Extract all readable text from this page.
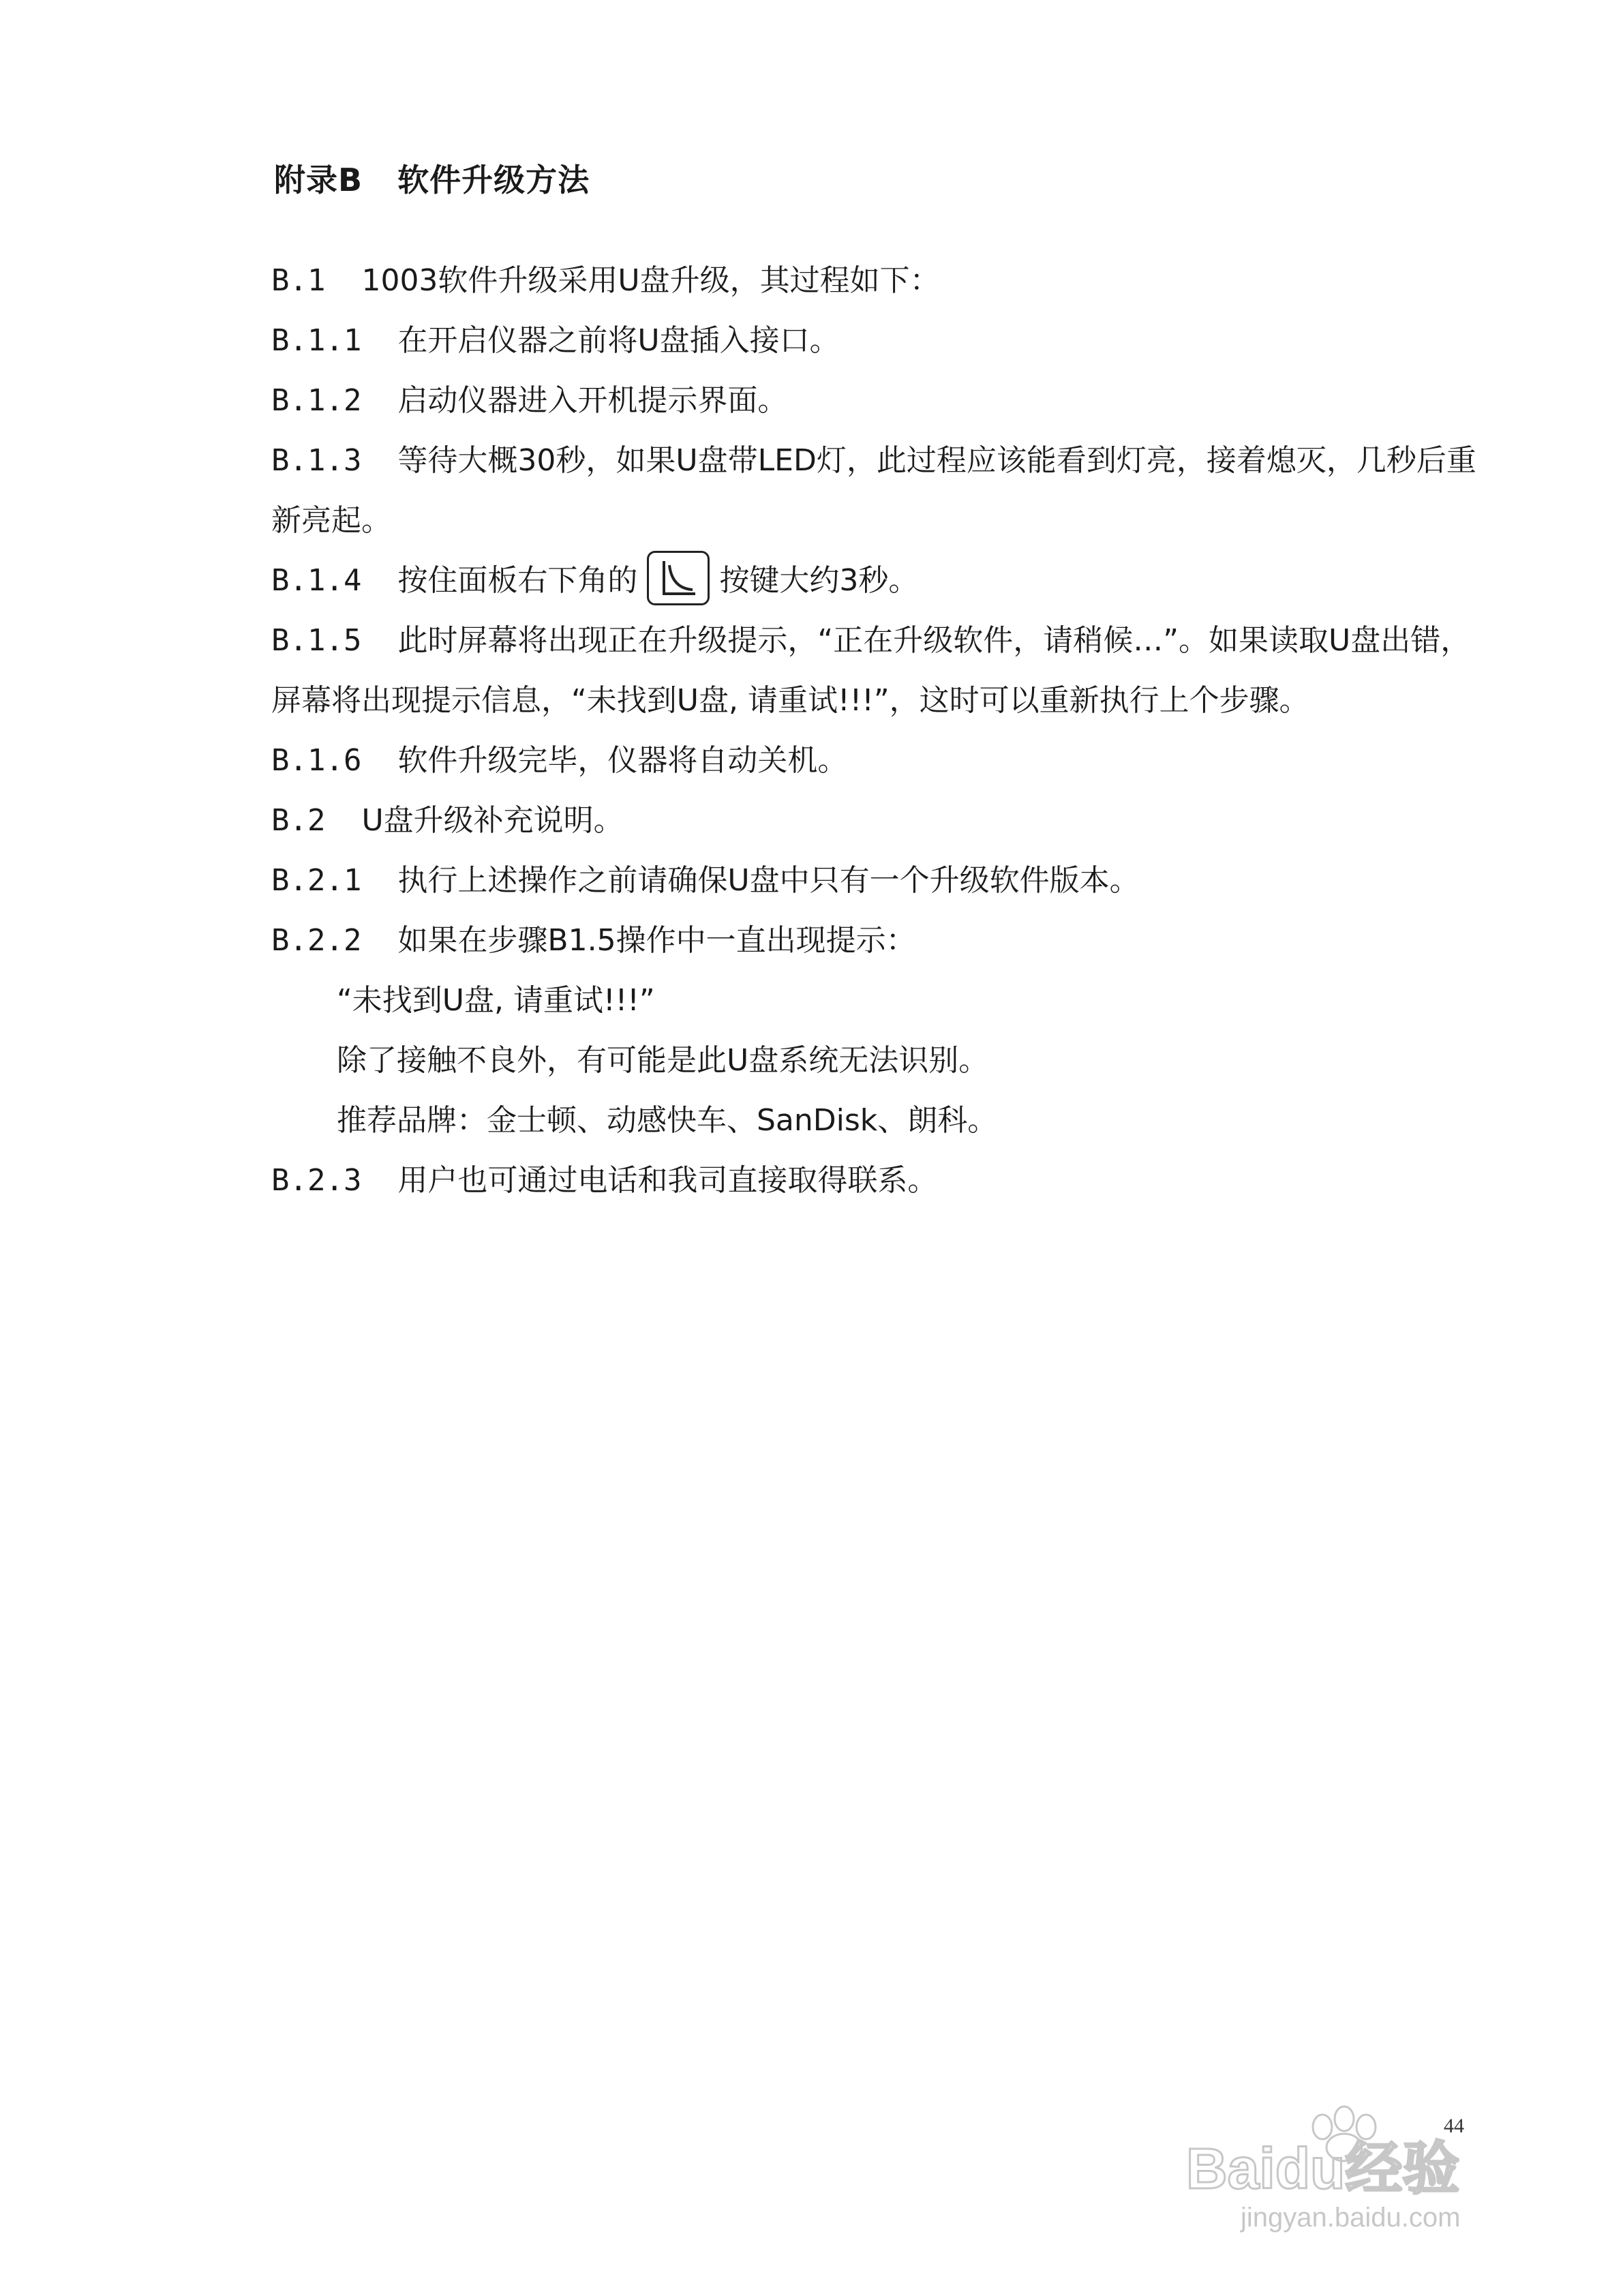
附录B   软件升级方法

B.1  1003软件升级采用U盘升级，其过程如下：

B.1.1  在开启仪器之前将U盘插入接口。

B.1.2  启动仪器进入开机提示界面。

B.1.3  等待大概30秒，如果U盘带LED灯，此过程应该能看到灯亮，接着熄灭，几秒后重新亮起。

B.1.4  按住面板右下角的	按键大约3秒。

B.1.5  此时屏幕将出现正在升级提示，“正在升级软件，请稍候…”。如果读取U盘出错，屏幕将出现提示信息，“未找到U盘, 请重试!!!”，这时可以重新执行上个步骤。

B.1.6  软件升级完毕，仪器将自动关机。

B.2  U盘升级补充说明。

B.2.1  执行上述操作之前请确保U盘中只有一个升级软件版本。

B.2.2  如果在步骤B1.5操作中一直出现提示：

“未找到U盘, 请重试!!!”

除了接触不良外，有可能是此U盘系统无法识别。

推荐品牌：金士顿、动感快车、SanDisk、朗科。

B.2.3  用户也可通过电话和我司直接取得联系。

44
Baidu经验
jingyan.baidu.com
